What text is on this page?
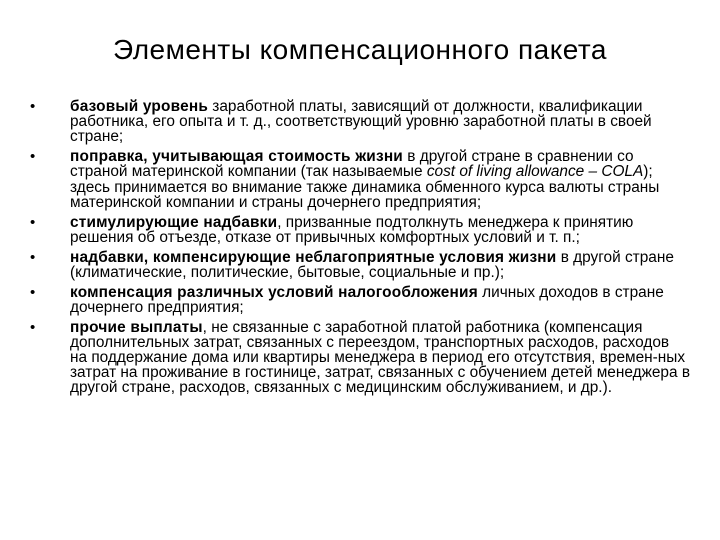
Элементы компенсационного пакета
•	базовый уровень заработной платы, зависящий от должности, квалификации работника, его опыта и т. д., соответствующий уровню заработной платы в своей стране;
•	поправка, учитывающая стоимость жизни в другой стране в сравнении со страной материнской компании (так называемые cost of living allowance – COLA); здесь принимается во внимание также динамика обменного курса валюты страны материнской компании и страны дочернего предприятия;
•	стимулирующие надбавки, призванные подтолкнуть менеджера к принятию решения об отъезде, отказе от привычных комфортных условий и т. п.;
•	надбавки, компенсирующие неблагоприятные условия жизни в другой стране (климатические, политические, бытовые, социальные и пр.);
•	компенсация различных условий налогообложения личных доходов в стране дочернего предприятия;
•	прочие выплаты, не связанные с заработной платой работника (компенсация дополнительных затрат, связанных с переездом, транспортных расходов, расходов на поддержание дома или квартиры менеджера в период его отсутствия, времен-ных затрат на проживание в гостинице, затрат, связанных с обучением детей менеджера в другой стране, расходов, связанных с медицинским обслуживанием, и др.).
